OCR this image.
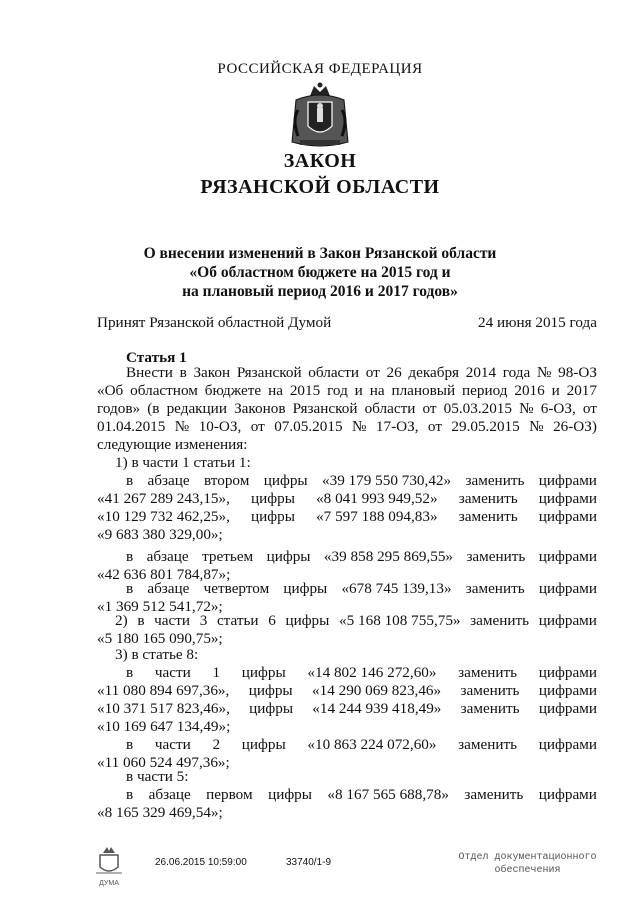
РОССИЙСКАЯ ФЕДЕРАЦИЯ
ЗАКОН
РЯЗАНСКОЙ ОБЛАСТИ
О внесении изменений в Закон Рязанской области
«Об областном бюджете на 2015 год и
на плановый период 2016 и 2017 годов»
Принят Рязанской областной Думой	24 июня 2015 года
Статья 1
Внести в Закон Рязанской области от 26 декабря 2014 года № 98-ОЗ
«Об областном бюджете на 2015 год и на плановый период 2016 и 2017
годов» (в редакции Законов Рязанской области от 05.03.2015 № 6-ОЗ, от
01.04.2015 № 10-ОЗ, от 07.05.2015 № 17-ОЗ, от 29.05.2015 № 26-ОЗ)
следующие изменения:
1) в части 1 статьи 1:
в абзаце втором цифры «39 179 550 730,42» заменить цифрами
«41 267 289 243,15», цифры «8 041 993 949,52» заменить цифрами
«10 129 732 462,25», цифры «7 597 188 094,83» заменить цифрами
«9 683 380 329,00»;
в абзаце третьем цифры «39 858 295 869,55» заменить цифрами
«42 636 801 784,87»;
в абзаце четвертом цифры «678 745 139,13» заменить цифрами
«1 369 512 541,72»;
2) в части 3 статьи 6 цифры «5 168 108 755,75» заменить цифрами
«5 180 165 090,75»;
3) в статье 8:
в части 1 цифры «14 802 146 272,60» заменить цифрами
«11 080 894 697,36», цифры «14 290 069 823,46» заменить цифрами
«10 371 517 823,46», цифры «14 244 939 418,49» заменить цифрами
«10 169 647 134,49»;
в части 2 цифры «10 863 224 072,60» заменить цифрами
«11 060 524 497,36»;
в части 5:
в абзаце первом цифры «8 167 565 688,78» заменить цифрами
«8 165 329 469,54»;
ДУМА
26.06.2015 10:59:00	33740/1-9	Отдел документационного
обеспечения
